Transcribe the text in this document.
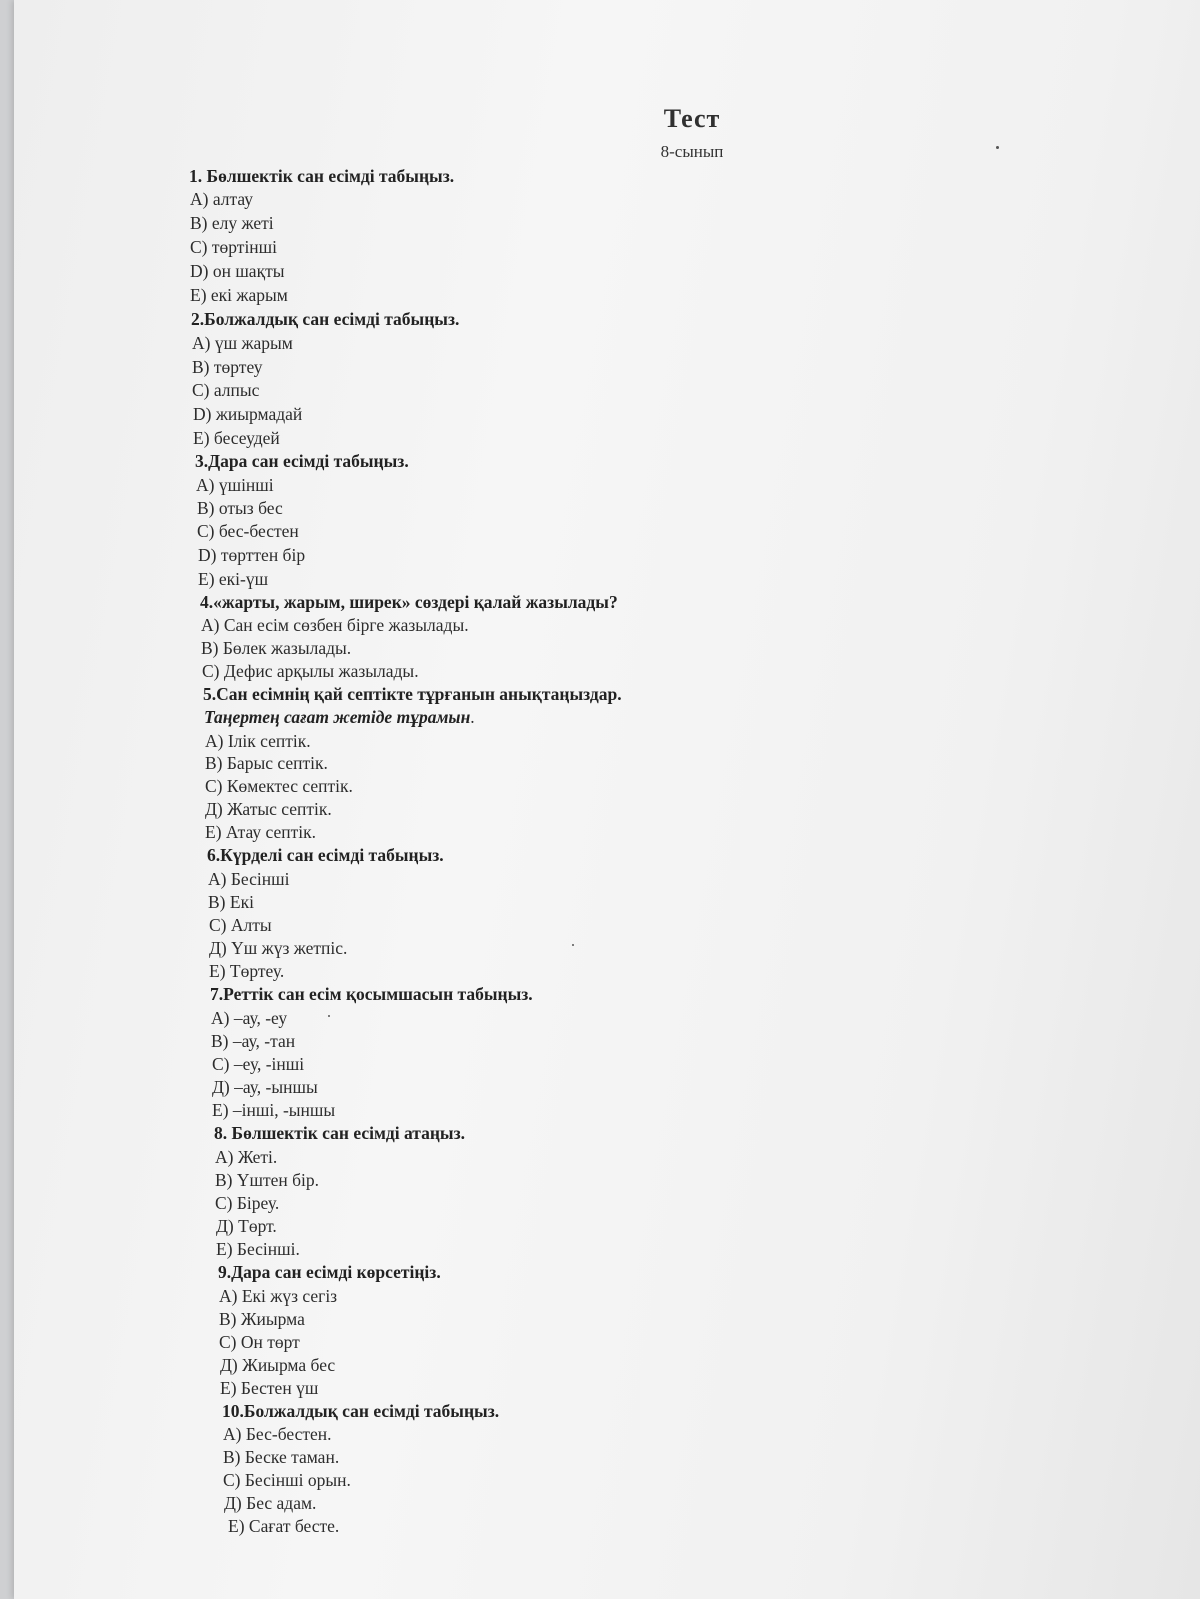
Тест
8-сынып
1. Бөлшектік сан есімді табыңыз.
A) алтау
B) елу жеті
C) төртінші
D) он шақты
E) екі жарым
2.Болжалдық сан есімді табыңыз.
A) үш жарым
B) төртеу
C) алпыс
D) жиырмадай
E) бесеудей
3.Дара сан есімді табыңыз.
A) үшінші
B) отыз бес
C) бес-бестен
D) төрттен бір
E) екі-үш
4.«жарты, жарым, ширек» сөздері қалай жазылады?
A) Сан есім сөзбен бірге жазылады.
B) Бөлек жазылады.
C) Дефис арқылы жазылады.
5.Сан есімнің қай септікте тұрғанын анықтаңыздар.
Таңертең сағат жетіде тұрамын.
A) Ілік септік.
B) Барыс септік.
C) Көмектес септік.
Д) Жатыс септік.
E) Атау септік.
6.Күрделі сан есімді табыңыз.
A) Бесінші
B) Екі
C) Алты
Д) Үш жүз жетпіс.
E) Төртеу.
7.Реттік сан есім қосымшасын табыңыз.
A) –ау, -еу
B) –ау, -тан
C) –еу, -інші
Д) –ау, -ыншы
E) –інші, -ыншы
8. Бөлшектік сан есімді атаңыз.
A) Жеті.
B) Үштен бір.
C) Біреу.
Д) Төрт.
E) Бесінші.
9.Дара сан есімді көрсетіңіз.
A) Екі жүз сегіз
B) Жиырма
C) Он төрт
Д) Жиырма бес
E) Бестен үш
10.Болжалдық сан есімді табыңыз.
A) Бес-бестен.
B) Беске таман.
C) Бесінші орын.
Д) Бес адам.
E) Сағат бесте.
